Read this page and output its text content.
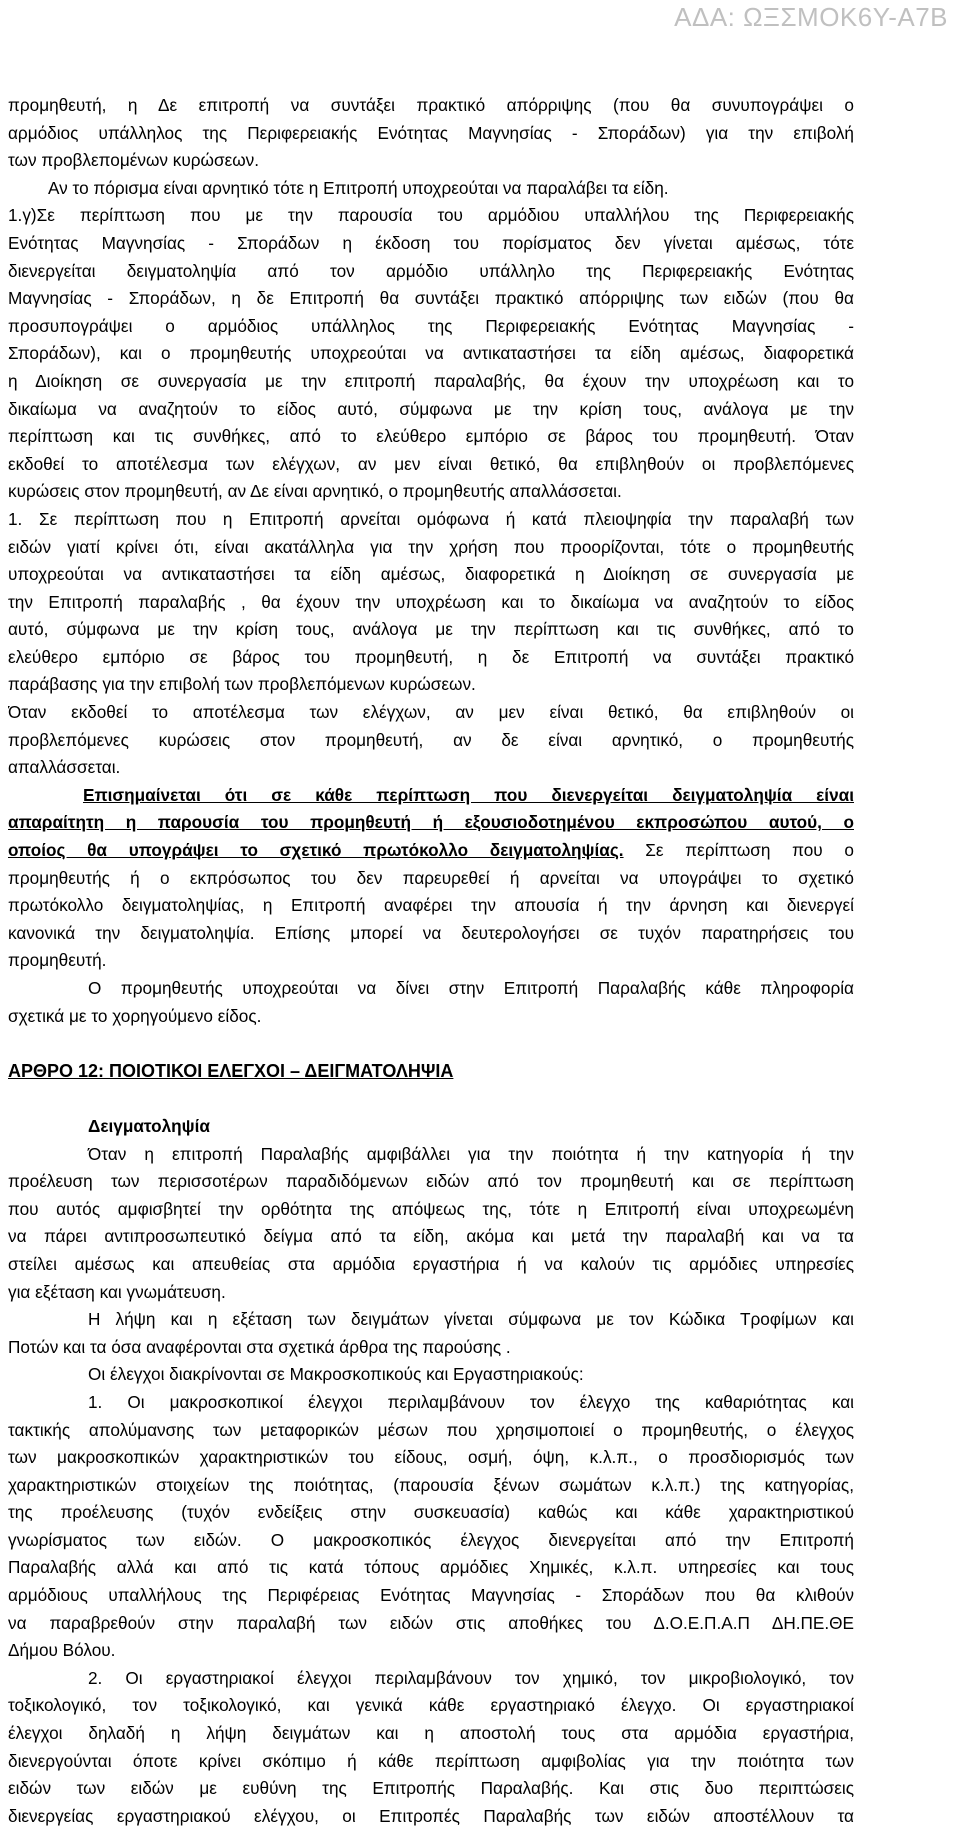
ΑΔΑ: ΩΞΣΜΟΚ6Υ-Α7Β
προμηθευτή, η Δε επιτροπή να συντάξει πρακτικό απόρριψης (που θα συνυπογράψει ο
αρμόδιος υπάλληλος της Περιφερειακής Ενότητας Μαγνησίας - Σποράδων) για την επιβολή
των προβλεπομένων κυρώσεων.
Αν το πόρισμα είναι αρνητικό τότε η Επιτροπή υποχρεούται να παραλάβει τα είδη.
1.γ)Σε περίπτωση που με την παρουσία του αρμόδιου υπαλλήλου της Περιφερειακής
Ενότητας Μαγνησίας - Σποράδων η έκδοση του πορίσματος δεν γίνεται αμέσως, τότε
διενεργείται δειγματοληψία από τον αρμόδιο υπάλληλο της Περιφερειακής Ενότητας
Μαγνησίας - Σποράδων, η δε Επιτροπή θα συντάξει πρακτικό απόρριψης των ειδών (που θα
προσυπογράψει ο αρμόδιος υπάλληλος της Περιφερειακής Ενότητας Μαγνησίας -
Σποράδων), και ο προμηθευτής υποχρεούται να αντικαταστήσει τα είδη αμέσως, διαφορετικά
η Διοίκηση σε συνεργασία με την επιτροπή παραλαβής, θα έχουν την υποχρέωση και το
δικαίωμα να αναζητούν το είδος αυτό, σύμφωνα με την κρίση τους, ανάλογα με την
περίπτωση και τις συνθήκες, από το ελεύθερο εμπόριο σε βάρος του προμηθευτή. Όταν
εκδοθεί το αποτέλεσμα των ελέγχων, αν μεν είναι θετικό, θα επιβληθούν οι προβλεπόμενες
κυρώσεις στον προμηθευτή, αν Δε είναι αρνητικό, ο προμηθευτής απαλλάσσεται.
1. Σε περίπτωση που η Επιτροπή αρνείται ομόφωνα ή κατά πλειοψηφία την παραλαβή των
ειδών γιατί κρίνει ότι, είναι ακατάλληλα για την χρήση που προορίζονται, τότε ο προμηθευτής
υποχρεούται να αντικαταστήσει τα είδη αμέσως, διαφορετικά η Διοίκηση σε συνεργασία με
την Επιτροπή παραλαβής , θα έχουν την υποχρέωση και το δικαίωμα να αναζητούν το είδος
αυτό, σύμφωνα με την κρίση τους, ανάλογα με την περίπτωση και τις συνθήκες, από το
ελεύθερο εμπόριο σε βάρος του προμηθευτή, η δε Επιτροπή να συντάξει πρακτικό
παράβασης για την επιβολή των προβλεπόμενων κυρώσεων.
Όταν εκδοθεί το αποτέλεσμα των ελέγχων, αν μεν είναι θετικό, θα επιβληθούν οι
προβλεπόμενες κυρώσεις στον προμηθευτή, αν δε είναι αρνητικό, ο προμηθευτής
απαλλάσσεται.
Επισημαίνεται ότι σε κάθε περίπτωση που διενεργείται δειγματοληψία είναι
απαραίτητη η παρουσία του προμηθευτή ή εξουσιοδοτημένου εκπροσώπου αυτού, ο
οποίος θα υπογράψει το σχετικό πρωτόκολλο δειγματοληψίας. Σε περίπτωση που ο
προμηθευτής ή ο εκπρόσωπος του δεν παρευρεθεί ή αρνείται να υπογράψει το σχετικό
πρωτόκολλο δειγματοληψίας, η Επιτροπή αναφέρει την απουσία ή την άρνηση και διενεργεί
κανονικά την δειγματοληψία. Επίσης μπορεί να δευτερολογήσει σε τυχόν παρατηρήσεις του
προμηθευτή.
Ο προμηθευτής υποχρεούται να δίνει στην Επιτροπή Παραλαβής κάθε πληροφορία
σχετικά με το χορηγούμενο είδος.
ΑΡΘΡΟ 12: ΠΟΙΟΤΙΚΟΙ ΕΛΕΓΧΟΙ – ΔΕΙΓΜΑΤΟΛΗΨΙΑ
Δειγματοληψία
Όταν η επιτροπή Παραλαβής αμφιβάλλει για την ποιότητα ή την κατηγορία ή την
προέλευση των περισσοτέρων παραδιδόμενων ειδών από τον προμηθευτή και σε περίπτωση
που αυτός αμφισβητεί την ορθότητα της απόψεως της, τότε η Επιτροπή είναι υποχρεωμένη
να πάρει αντιπροσωπευτικό δείγμα από τα είδη, ακόμα και μετά την παραλαβή και να τα
στείλει αμέσως και απευθείας στα αρμόδια εργαστήρια ή να καλούν τις αρμόδιες υπηρεσίες
για εξέταση και γνωμάτευση.
Η λήψη και η εξέταση των δειγμάτων γίνεται σύμφωνα με τον Κώδικα Τροφίμων και
Ποτών και τα όσα αναφέρονται στα σχετικά άρθρα της παρούσης .
Οι έλεγχοι διακρίνονται σε Μακροσκοπικούς και Εργαστηριακούς:
1. Οι μακροσκοπικοί έλεγχοι περιλαμβάνουν τον έλεγχο της καθαριότητας και
τακτικής απολύμανσης των μεταφορικών μέσων που χρησιμοποιεί ο προμηθευτής, ο έλεγχος
των μακροσκοπικών χαρακτηριστικών του είδους, οσμή, όψη, κ.λ.π., ο προσδιορισμός των
χαρακτηριστικών στοιχείων της ποιότητας, (παρουσία ξένων σωμάτων κ.λ.π.) της κατηγορίας,
της προέλευσης (τυχόν ενδείξεις στην συσκευασία) καθώς και κάθε χαρακτηριστικού
γνωρίσματος των ειδών. Ο μακροσκοπικός έλεγχος διενεργείται από την Επιτροπή
Παραλαβής αλλά και από τις κατά τόπους αρμόδιες Χημικές, κ.λ.π. υπηρεσίες και τους
αρμόδιους υπαλλήλους της Περιφέρειας Ενότητας Μαγνησίας - Σποράδων που θα κλιθούν
να παραβρεθούν στην παραλαβή των ειδών στις αποθήκες του Δ.Ο.Ε.Π.Α.Π ΔΗ.ΠΕ.ΘΕ
Δήμου Βόλου.
2. Οι εργαστηριακοί έλεγχοι περιλαμβάνουν τον χημικό, τον μικροβιολογικό, τον
τοξικολογικό, τον τοξικολογικό, και γενικά κάθε εργαστηριακό έλεγχο. Οι εργαστηριακοί
έλεγχοι δηλαδή η λήψη δειγμάτων και η αποστολή τους στα αρμόδια εργαστήρια,
διενεργούνται όποτε κρίνει σκόπιμο ή κάθε περίπτωση αμφιβολίας για την ποιότητα των
ειδών των ειδών με ευθύνη της Επιτροπής Παραλαβής. Και στις δυο περιπτώσεις
διενεργείας εργαστηριακού ελέγχου, οι Επιτροπές Παραλαβής των ειδών αποστέλλουν τα
